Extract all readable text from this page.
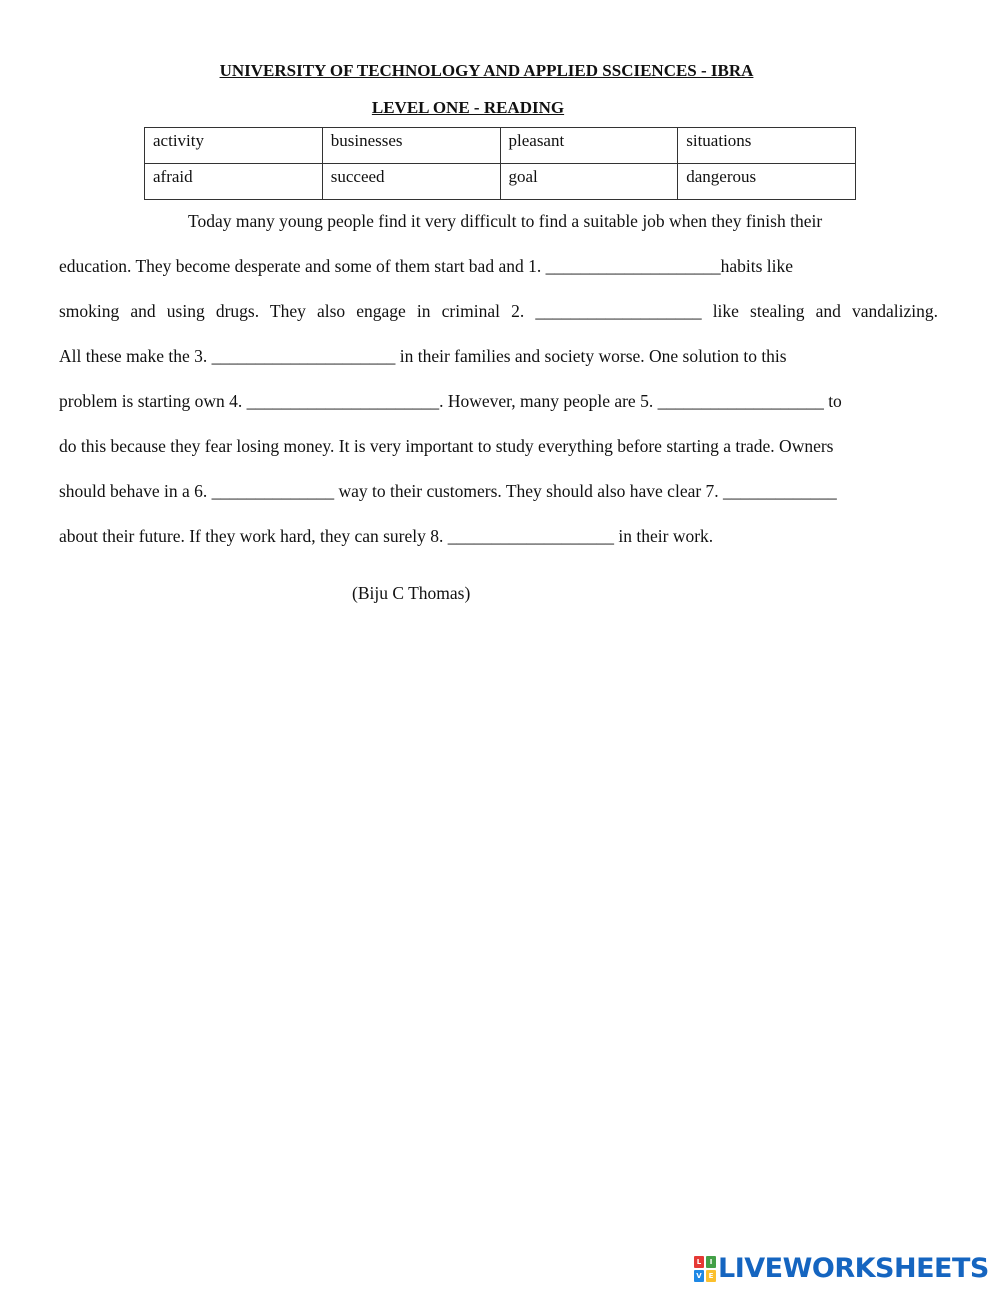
UNIVERSITY OF TECHNOLOGY AND APPLIED SSCIENCES - IBRA
LEVEL ONE - READING
activity	businesses	pleasant	situations
afraid	succeed	goal	dangerous
Today many young people find it very difficult to find a suitable job when they finish their
education. They become desperate and some of them start bad and 1. ____________________habits like
smoking and using drugs. They also engage in criminal 2. ___________________ like stealing and vandalizing.
All these make the 3. _____________________ in their families and society worse. One solution to this
problem is starting own 4. ______________________. However, many people are 5. ___________________ to
do this because they fear losing money. It is very important to study everything before starting a trade. Owners
should behave in a 6. ______________ way to their customers. They should also have clear 7. _____________
about their future. If they work hard, they can surely 8. ___________________ in their work.
(Biju C Thomas)
L	I
V E LIVEWORKSHEETS
